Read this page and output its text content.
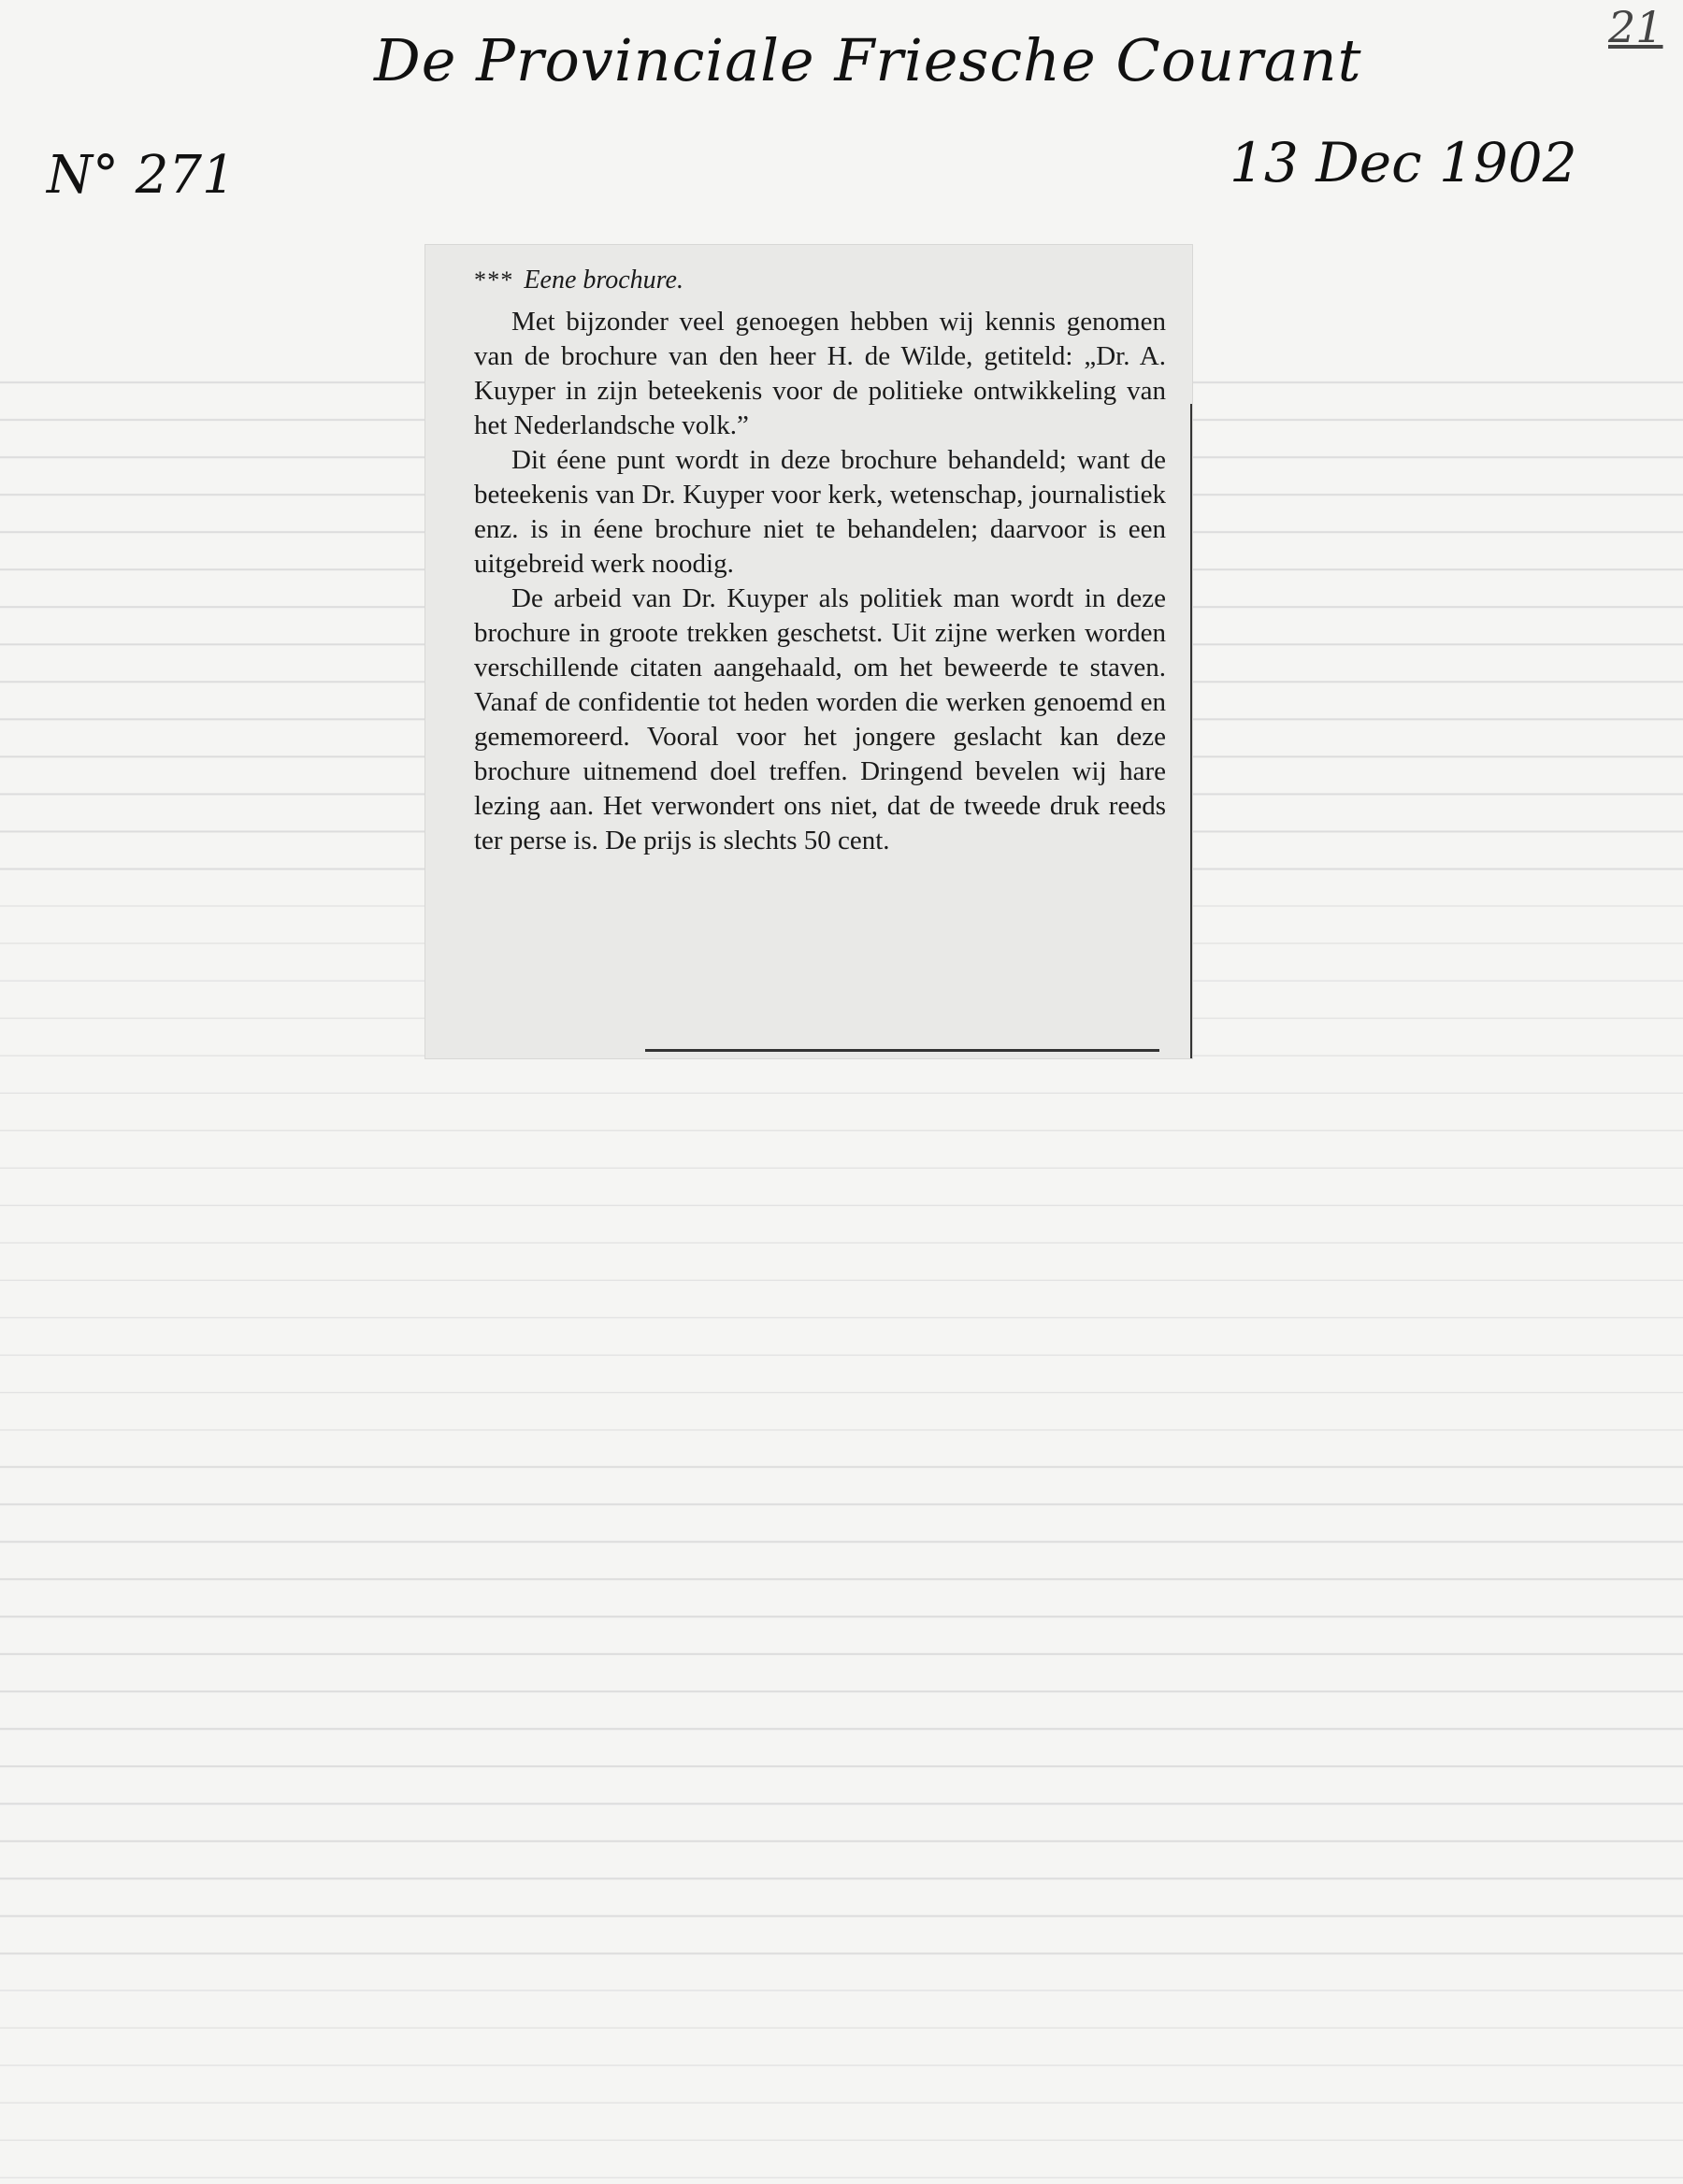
De Provinciale Friesche Courant
N° 271	13 Dec 1902
21
* * * Eene brochure.

Met bijzonder veel genoegen hebben wij kennis genomen van de brochure van den heer H. de Wilde, getiteld: „Dr. A. Kuyper in zijn beteekenis voor de politieke ontwikkeling van het Nederlandsche volk.”

Dit éene punt wordt in deze brochure behandeld; want de beteekenis van Dr. Kuyper voor kerk, wetenschap, journalistiek enz. is in éene brochure niet te behandelen; daarvoor is een uitgebreid werk noodig.

De arbeid van Dr. Kuyper als politiek man wordt in deze brochure in groote trekken geschetst. Uit zijne werken worden verschillende citaten aangehaald, om het beweerde te staven. Vanaf de confidentie tot heden worden die werken genoemd en gememoreerd. Vooral voor het jongere geslacht kan deze brochure uitnemend doel treffen. Dringend bevelen wij hare lezing aan. Het verwondert ons niet, dat de tweede druk reeds ter perse is. De prijs is slechts 50 cent.
